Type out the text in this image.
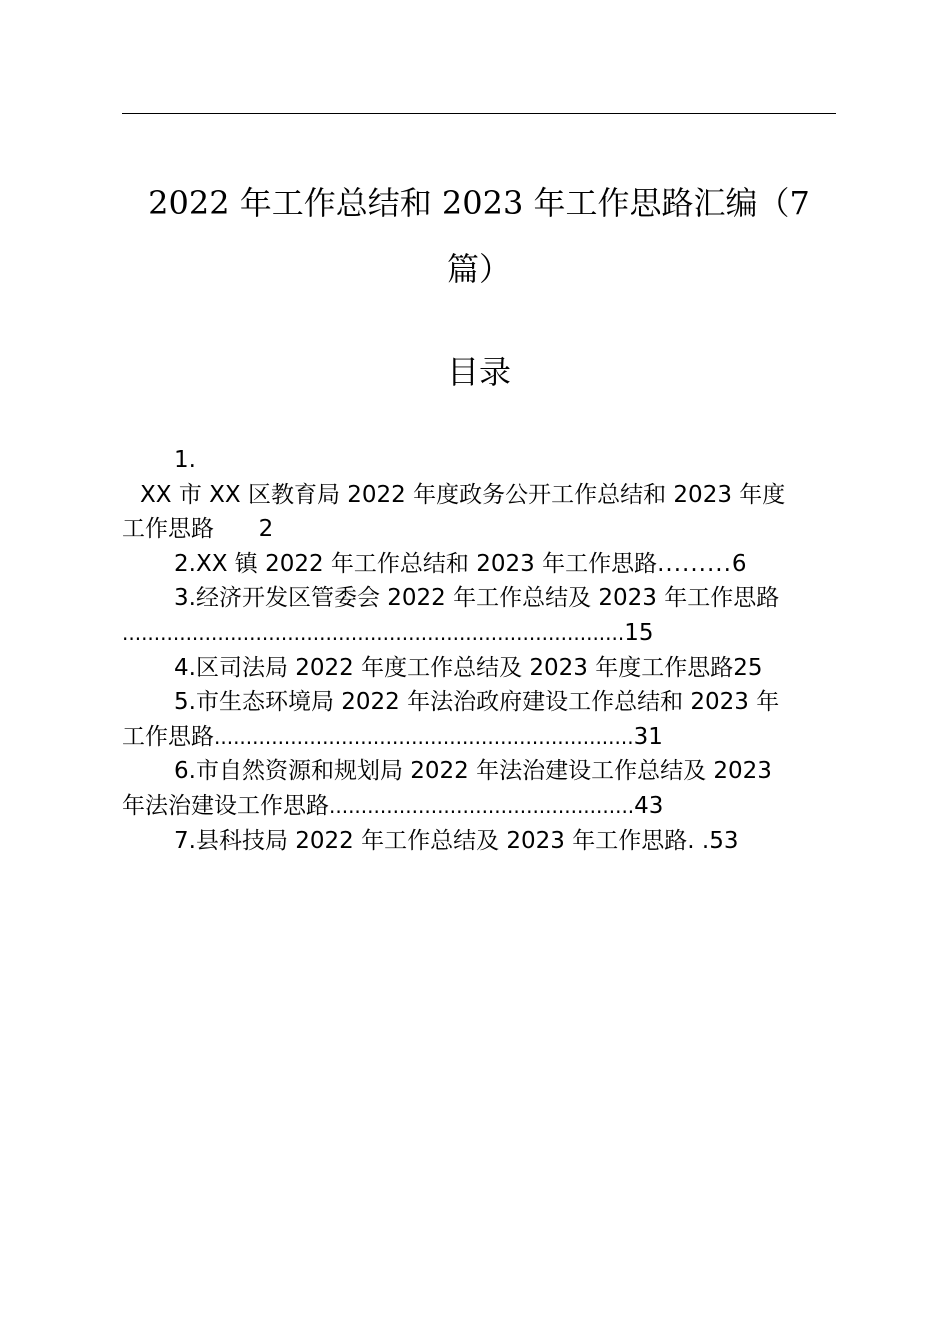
2022 年工作总结和 2023 年工作思路汇编（7
篇）
目录
1.
XX 市 XX 区教育局 2022 年度政务公开工作总结和 2023 年度
工作思路 2
2.XX 镇 2022 年工作总结和 2023 年工作思路.........6
3.经济开发区管委会 2022 年工作总结及 2023 年工作思路
............................................................................... 15
4.区司法局 2022 年度工作总结及 2023 年度工作思路25
5.市生态环境局 2022 年法治政府建设工作总结和 2023 年
工作思路 .................................................................. 31
6.市自然资源和规划局 2022 年法治建设工作总结及 2023
年法治建设工作思路 ................................................ 43
7.县科技局 2022 年工作总结及 2023 年工作思路. .53
